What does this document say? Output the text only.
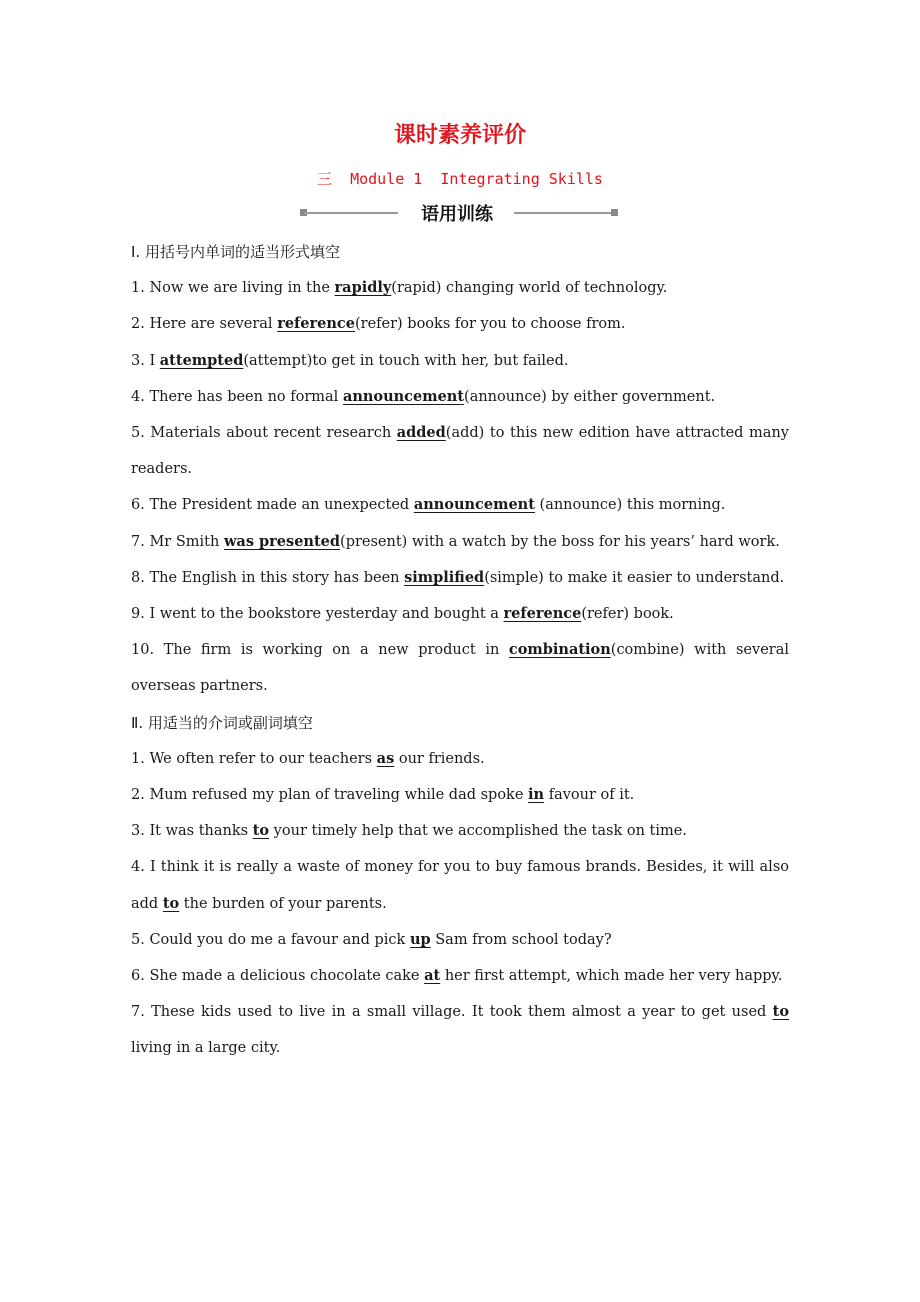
课时素养评价
三  Module 1  Integrating Skills
语用训练

Ⅰ. 用括号内单词的适当形式填空

1. Now we are living in the rapidly(rapid) changing world of technology.

2. Here are several reference(refer) books for you to choose from.

3. I attempted(attempt)to get in touch with her, but failed.

4. There has been no formal announcement(announce) by either government.

5. Materials about recent research added(add) to this new edition have attracted many readers.

6. The President made an unexpected announcement (announce) this morning.

7. Mr Smith was presented(present) with a watch by the boss for his years’ hard work.

8. The English in this story has been simplified(simple) to make it easier to understand.

9. I went to the bookstore yesterday and bought a reference(refer) book.

10. The firm is working on a new product in combination(combine) with several overseas partners.

Ⅱ. 用适当的介词或副词填空

1. We often refer to our teachers as our friends.

2. Mum refused my plan of traveling while dad spoke in favour of it.

3. It was thanks to your timely help that we accomplished the task on time.

4. I think it is really a waste of money for you to buy famous brands. Besides, it will also add to the burden of your parents.

5. Could you do me a favour and pick up Sam from school today?

6. She made a delicious chocolate cake at her first attempt, which made her very happy.

7. These kids used to live in a small village. It took them almost a year to get used to living in a large city.
